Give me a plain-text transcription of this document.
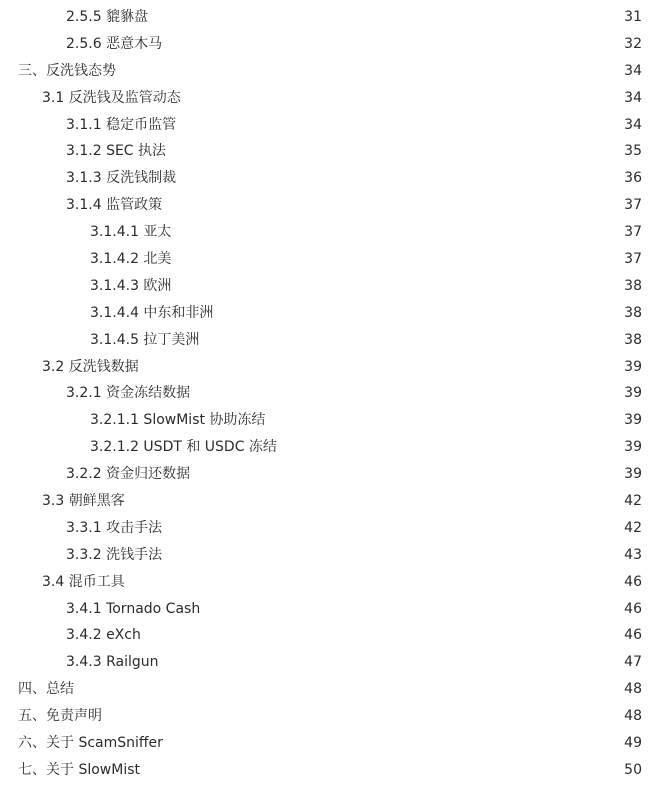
2.5.5 貔貅盘	31
2.5.6 恶意木马	32
三、反洗钱态势	34
3.1 反洗钱及监管动态	34
3.1.1 稳定币监管	34
3.1.2 SEC 执法	35
3.1.3 反洗钱制裁	36
3.1.4 监管政策	37
3.1.4.1 亚太	37
3.1.4.2 北美	37
3.1.4.3 欧洲	38
3.1.4.4 中东和非洲	38
3.1.4.5 拉丁美洲	38
3.2 反洗钱数据	39
3.2.1 资金冻结数据	39
3.2.1.1 SlowMist 协助冻结	39
3.2.1.2 USDT 和 USDC 冻结	39
3.2.2 资金归还数据	39
3.3 朝鲜黑客	42
3.3.1 攻击手法	42
3.3.2 洗钱手法	43
3.4 混币工具	46
3.4.1 Tornado Cash	46
3.4.2 eXch	46
3.4.3 Railgun	47
四、总结	48
五、免责声明	48
六、关于 ScamSniffer	49
七、关于 SlowMist	50
